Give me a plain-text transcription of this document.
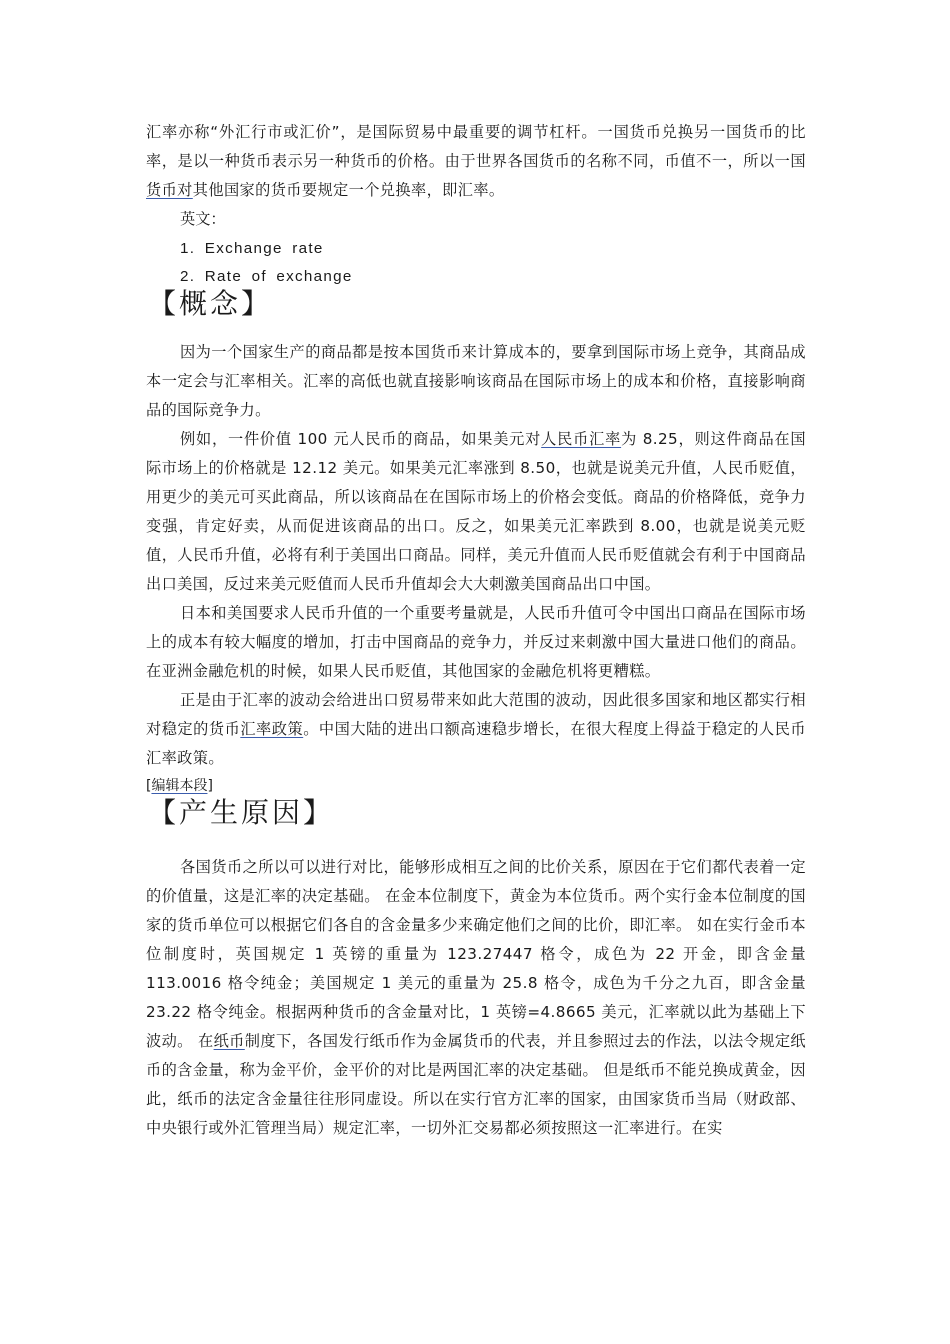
汇率亦称“外汇行市或汇价”，是国际贸易中最重要的调节杠杆。一国货币兑换另一国货币的比率，是以一种货币表示另一种货币的价格。由于世界各国货币的名称不同，币值不一，所以一国货币对其他国家的货币要规定一个兑换率，即汇率。

英文：

1. Exchange rate

2. Rate of exchange

【概念】

因为一个国家生产的商品都是按本国货币来计算成本的，要拿到国际市场上竞争，其商品成本一定会与汇率相关。汇率的高低也就直接影响该商品在国际市场上的成本和价格，直接影响商品的国际竞争力。

例如，一件价值 100 元人民币的商品，如果美元对人民币汇率为 8.25，则这件商品在国际市场上的价格就是 12.12 美元。如果美元汇率涨到 8.50，也就是说美元升值，人民币贬值，用更少的美元可买此商品，所以该商品在在国际市场上的价格会变低。商品的价格降低，竞争力变强，肯定好卖，从而促进该商品的出口。反之，如果美元汇率跌到 8.00，也就是说美元贬值，人民币升值，必将有利于美国出口商品。同样，美元升值而人民币贬值就会有利于中国商品出口美国，反过来美元贬值而人民币升值却会大大刺激美国商品出口中国。

日本和美国要求人民币升值的一个重要考量就是，人民币升值可令中国出口商品在国际市场上的成本有较大幅度的增加，打击中国商品的竞争力，并反过来刺激中国大量进口他们的商品。在亚洲金融危机的时候，如果人民币贬值，其他国家的金融危机将更糟糕。

正是由于汇率的波动会给进出口贸易带来如此大范围的波动，因此很多国家和地区都实行相对稳定的货币汇率政策。中国大陆的进出口额高速稳步增长，在很大程度上得益于稳定的人民币汇率政策。

[编辑本段]

【产生原因】

各国货币之所以可以进行对比，能够形成相互之间的比价关系，原因在于它们都代表着一定的价值量，这是汇率的决定基础。 在金本位制度下，黄金为本位货币。两个实行金本位制度的国家的货币单位可以根据它们各自的含金量多少来确定他们之间的比价，即汇率。 如在实行金币本位制度时，英国规定 1 英镑的重量为 123.27447 格令，成色为 22 开金，即含金量 113.0016 格令纯金；美国规定 1 美元的重量为 25.8 格令，成色为千分之九百，即含金量 23.22 格令纯金。根据两种货币的含金量对比，1 英镑=4.8665 美元，汇率就以此为基础上下波动。 在纸币制度下，各国发行纸币作为金属货币的代表，并且参照过去的作法，以法令规定纸币的含金量，称为金平价，金平价的对比是两国汇率的决定基础。 但是纸币不能兑换成黄金，因此，纸币的法定含金量往往形同虚设。所以在实行官方汇率的国家，由国家货币当局（财政部、中央银行或外汇管理当局）规定汇率，一切外汇交易都必须按照这一汇率进行。在实
